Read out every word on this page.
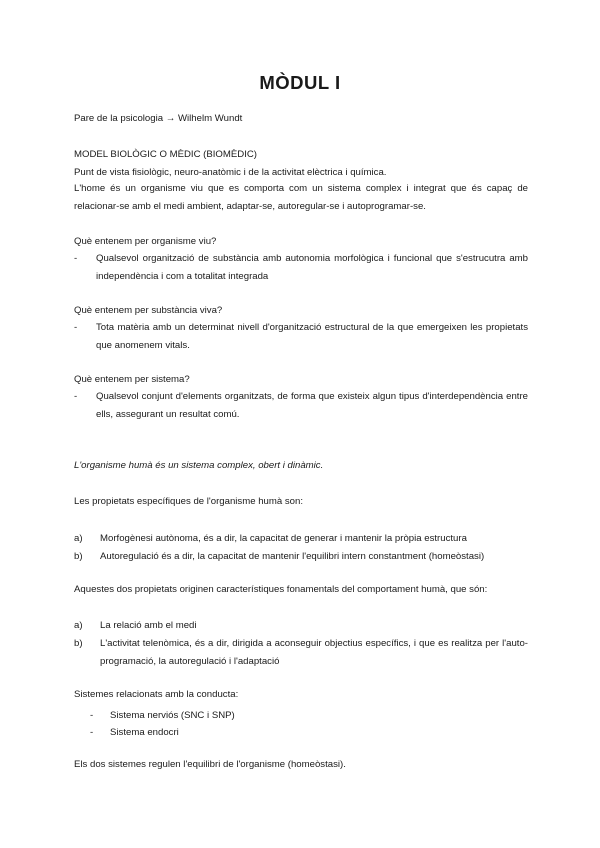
MÒDUL I
Pare de la psicologia → Wilhelm Wundt
MODEL BIOLÒGIC O MÈDIC (BIOMÈDIC)
Punt de vista fisiològic, neuro-anatòmic i de la activitat elèctrica i química.
L'home és un organisme viu que es comporta com un sistema complex i integrat que és capaç de relacionar-se amb el medi ambient, adaptar-se, autoregular-se i autoprogramar-se.
Què entenem per organisme viu?
- Qualsevol organització de substància amb autonomia morfològica i funcional que s'estrucutra amb independència i com a totalitat integrada
Què entenem per substància viva?
- Tota matèria amb un determinat nivell d'organització estructural de la que emergeixen les propietats que anomenem vitals.
Què entenem per sistema?
- Qualsevol conjunt d'elements organitzats, de forma que existeix algun tipus d'interdependència entre ells, assegurant un resultat comú.
L'organisme humà és un sistema complex, obert i dinàmic.
Les propietats específiques de l'organisme humà son:
a) Morfogènesi autònoma, és a dir, la capacitat de generar i mantenir la pròpia estructura
b) Autoregulació és a dir, la capacitat de mantenir l'equilibri intern constantment (homeòstasi)
Aquestes dos propietats originen característiques fonamentals del comportament humà, que són:
a) La relació amb el medi
b) L'activitat telenòmica, és a dir, dirigida a aconseguir objectius específics, i que es realitza per l'auto-programació, la autoregulació i l'adaptació
Sistemes relacionats amb la conducta:
- Sistema nerviós (SNC i SNP)
- Sistema endocri
Els dos sistemes regulen l'equilibri de l'organisme (homeòstasi).
